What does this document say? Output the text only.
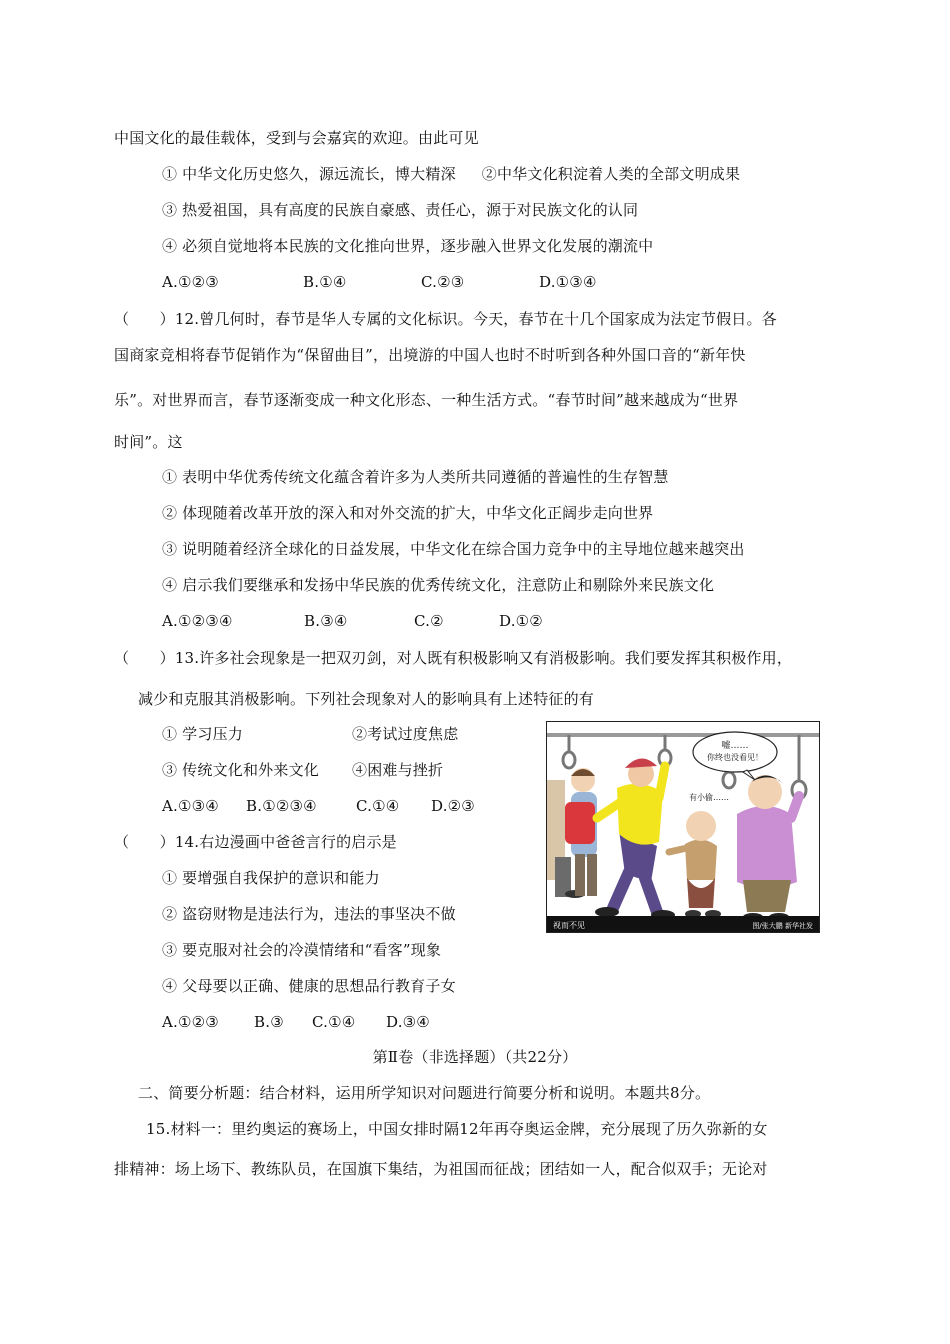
中国文化的最佳载体，受到与会嘉宾的欢迎。由此可见
① 中华文化历史悠久，源远流长，博大精深 ②中华文化积淀着人类的全部文明成果
③ 热爱祖国，具有高度的民族自豪感、责任心，源于对民族文化的认同
④ 必须自觉地将本民族的文化推向世界，逐步融入世界文化发展的潮流中
A.①②③	B.①④	C.②③	D.①③④
（　　）12.曾几何时，春节是华人专属的文化标识。今天，春节在十几个国家成为法定节假日。各
国商家竞相将春节促销作为“保留曲目”，出境游的中国人也时不时听到各种外国口音的“新年快
乐”。对世界而言，春节逐渐变成一种文化形态、一种生活方式。“春节时间”越来越成为“世界
时间”。这
① 表明中华优秀传统文化蕴含着许多为人类所共同遵循的普遍性的生存智慧
② 体现随着改革开放的深入和对外交流的扩大，中华文化正阔步走向世界
③ 说明随着经济全球化的日益发展，中华文化在综合国力竞争中的主导地位越来越突出
④ 启示我们要继承和发扬中华民族的优秀传统文化，注意防止和剔除外来民族文化
A.①②③④	B.③④	C.②	D.①②
（　　）13.许多社会现象是一把双刃剑，对人既有积极影响又有消极影响。我们要发挥其积极作用，
减少和克服其消极影响。下列社会现象对人的影响具有上述特征的有
① 学习压力	②考试过度焦虑
③ 传统文化和外来文化 ④困难与挫折
A.①③④ B.①②③④	C.①④ D.②③
（　　）14.右边漫画中爸爸言行的启示是
① 要增强自我保护的意识和能力
② 盗窃财物是违法行为，违法的事坚决不做
③ 要克服对社会的冷漠情绪和“看客”现象
④ 父母要以正确、健康的思想品行教育子女
A.①②③ B.③ C.①④ D.③④
第Ⅱ卷（非选择题）（共22分）
二、简要分析题：结合材料，运用所学知识对问题进行简要分析和说明。本题共8分。
15.材料一：里约奥运的赛场上，中国女排时隔12年再夺奥运金牌，充分展现了历久弥新的女
排精神：场上场下、教练队员，在国旗下集结，为祖国而征战；团结如一人，配合似双手；无论对
嘘……
你终也没看见！
有小偷……
视而不见	图/张大鹏 新华社发
